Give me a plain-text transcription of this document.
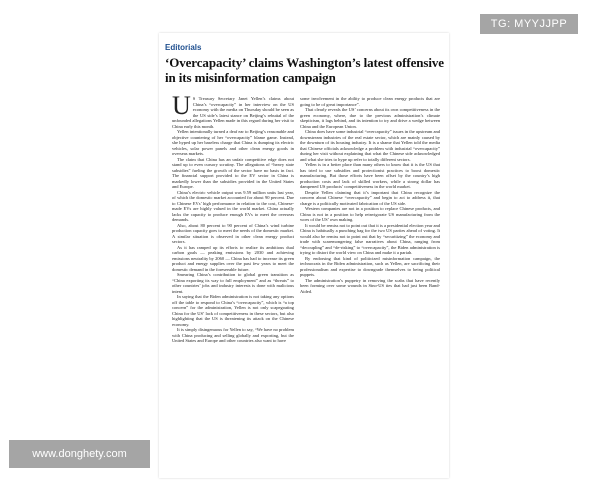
Editorials
‘Overcapacity’ claims Washington’s latest offensive in its misinformation campaign

U S Treasury Secretary Janet Yellen’s claims about China’s “overcapacity” in her interview on the US economy with the media on Thursday should be seen as the US side’s latest stance on Beijing’s rebuttal of the unfounded allegations Yellen made in this regard during her visit to China early this month.

Yellen intentionally turned a deaf ear to Beijing’s reasonable and objective countering of her “overcapacity” blame game. Instead, she hyped up her baseless charge that China is dumping its electric vehicles, solar power panels and other clean energy goods in overseas markets.

The claim that China has an unfair competitive edge does not stand up to even cursory scrutiny. The allegations of “heavy state subsidies” fueling the growth of the sector have no basis in fact. The financial support provided to the EV sector in China is markedly lower than the subsidies provided in the United States and Europe.

China’s electric vehicle output was 9.59 million units last year, of which the domestic market accounted for about 90 percent. Due to Chinese EVs’ high performance in relation to the cost, Chinese-made EVs are highly valued in the world market. China actually lacks the capacity to produce enough EVs to meet the overseas demands.

Also, about 80 percent to 90 percent of China’s wind turbine production capacity goes to meet the needs of the domestic market. A similar situation is observed in other clean energy product sectors.

As it has ramped up its efforts to realize its ambitious dual carbon goals — peaking emissions by 2030 and achieving emissions neutrality by 2060 — China has had to increase its green product and energy supplies over the past few years to meet the domestic demand in the foreseeable future.

Smearing China’s contribution to global green transition as “China exporting its way to full employment” and as “threats” to other countries’ jobs and industry interests is done with malicious intent.

In saying that the Biden administration is not taking any options off the table to respond to China’s “overcapacity”, which is “a top concern” for the administration, Yellen is not only scapegoating China for the US’ lack of competitiveness in these sectors, but also highlighting that the US is threatening its attack on the Chinese economy.

It is simply disingenuous for Yellen to say, “We have no problem with China producing and selling globally and exporting, but the United States and Europe and other countries also want to have

some involvement in the ability to produce clean energy products that are going to be of great importance”.

That clearly reveals the US’ concerns about its own competitiveness in the green economy, where, due to the previous administration’s climate skepticism, it lags behind, and its intention to try and drive a wedge between China and the European Union.

China does have some industrial “overcapacity” issues in the upstream and downstream industries of the real estate sector, which are mainly caused by the downturn of its housing industry. It is a shame that Yellen told the media that Chinese officials acknowledge a problem with industrial “overcapacity” during her visit without explaining that what the Chinese side acknowledged and what she tries to hype up refer to totally different sectors.

Yellen is in a better place than many others to know that it is the US that has tried to use subsidies and protectionist practices to boost domestic manufacturing. But those efforts have been offset by the country’s high production costs and lack of skilled workers, while a strong dollar has dampened US products’ competitiveness in the world market.

Despite Yellen claiming that it’s important that China recognize the concern about Chinese “overcapacity” and begin to act to address it, that charge is a politically motivated fabrication of the US side.

Western companies are not in a position to replace Chinese products, and China is not in a position to help reinvigorate US manufacturing from the woes of the US’ own making.

It would be remiss not to point out that it is a presidential election year and China is habitually a punching bag for the two US parties ahead of voting. It would also be remiss not to point out that by “securitizing” the economy and trade with scaremongering false narratives about China, ranging from “decoupling” and “de-risking” to “overcapacity”, the Biden administration is trying to distort the world view on China and make it a pariah.

By endorsing that kind of politicized misinformation campaign, the technocrats in the Biden administration, such as Yellen, are sacrificing their professionalism and expertise to downgrade themselves to being political puppets.

The administration’s puppetry in removing the scabs that have recently been forming over some wounds in Sino-US ties that had just been Band-Aided.

TG: MYYJJPP
www.donghety.com
